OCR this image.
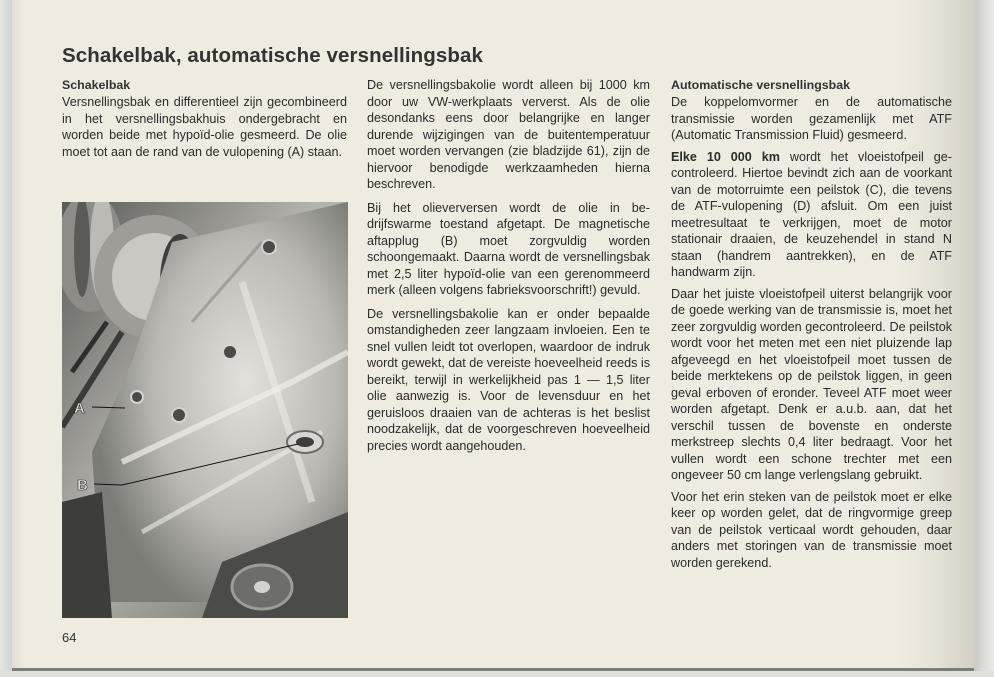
Schakelbak, automatische versnellingsbak
Schakelbak

Versnellingsbak en differentieel zijn gecombineerd in het versnellingsbakhuis ondergebracht en worden beide met hypoïd-olie gesmeerd. De olie moet tot aan de rand van de vulopening (A) staan.

A
B

De versnellingsbakolie wordt alleen bij 1000 km door uw VW-werkplaats ververst. Als de olie desondanks eens door belangrijke en langer durende wijzigingen van de buitentemperatuur moet worden vervangen (zie bladzijde 61), zijn de hiervoor benodigde werkzaamheden hierna beschreven.

Bij het olieverversen wordt de olie in bedrijfswarme toestand afgetapt. De magnetische aftapplug (B) moet zorgvuldig worden schoongemaakt. Daarna wordt de versnellingsbak met 2,5 liter hypoïd-olie van een gerenommeerd merk (alleen volgens fabrieksvoorschrift!) gevuld.

De versnellingsbakolie kan er onder bepaalde omstandigheden zeer langzaam invloeien. Een te snel vullen leidt tot overlopen, waardoor de indruk wordt gewekt, dat de vereiste hoeveelheid reeds is bereikt, terwijl in werkelijkheid pas 1 — 1,5 liter olie aanwezig is. Voor de levensduur en het geruisloos draaien van de achteras is het beslist noodzakelijk, dat de voorgeschreven hoeveelheid precies wordt aangehouden.

Automatische versnellingsbak

De koppelomvormer en de automatische transmissie worden gezamenlijk met ATF (Automatic Transmission Fluid) gesmeerd.

Elke 10 000 km wordt het vloeistofpeil gecontroleerd. Hiertoe bevindt zich aan de voorkant van de motorruimte een peilstok (C), die tevens de ATF-vulopening (D) afsluit. Om een juist meetresultaat te verkrijgen, moet de motor stationair draaien, de keuzehendel in stand N staan (handrem aantrekken), en de ATF handwarm zijn.

Daar het juiste vloeistofpeil uiterst belangrijk voor de goede werking van de transmissie is, moet het zeer zorgvuldig worden gecontroleerd. De peilstok wordt voor het meten met een niet pluizende lap afgeveegd en het vloeistofpeil moet tussen de beide merktekens op de peilstok liggen, in geen geval erboven of eronder. Teveel ATF moet weer worden afgetapt. Denk er a.u.b. aan, dat het verschil tussen de bovenste en onderste merkstreep slechts 0,4 liter bedraagt. Voor het vullen wordt een schone trechter met een ongeveer 50 cm lange verlengslang gebruikt.

Voor het erin steken van de peilstok moet er elke keer op worden gelet, dat de ringvormige greep van de peilstok verticaal wordt gehouden, daar anders met storingen van de transmissie moet worden gerekend.

64
